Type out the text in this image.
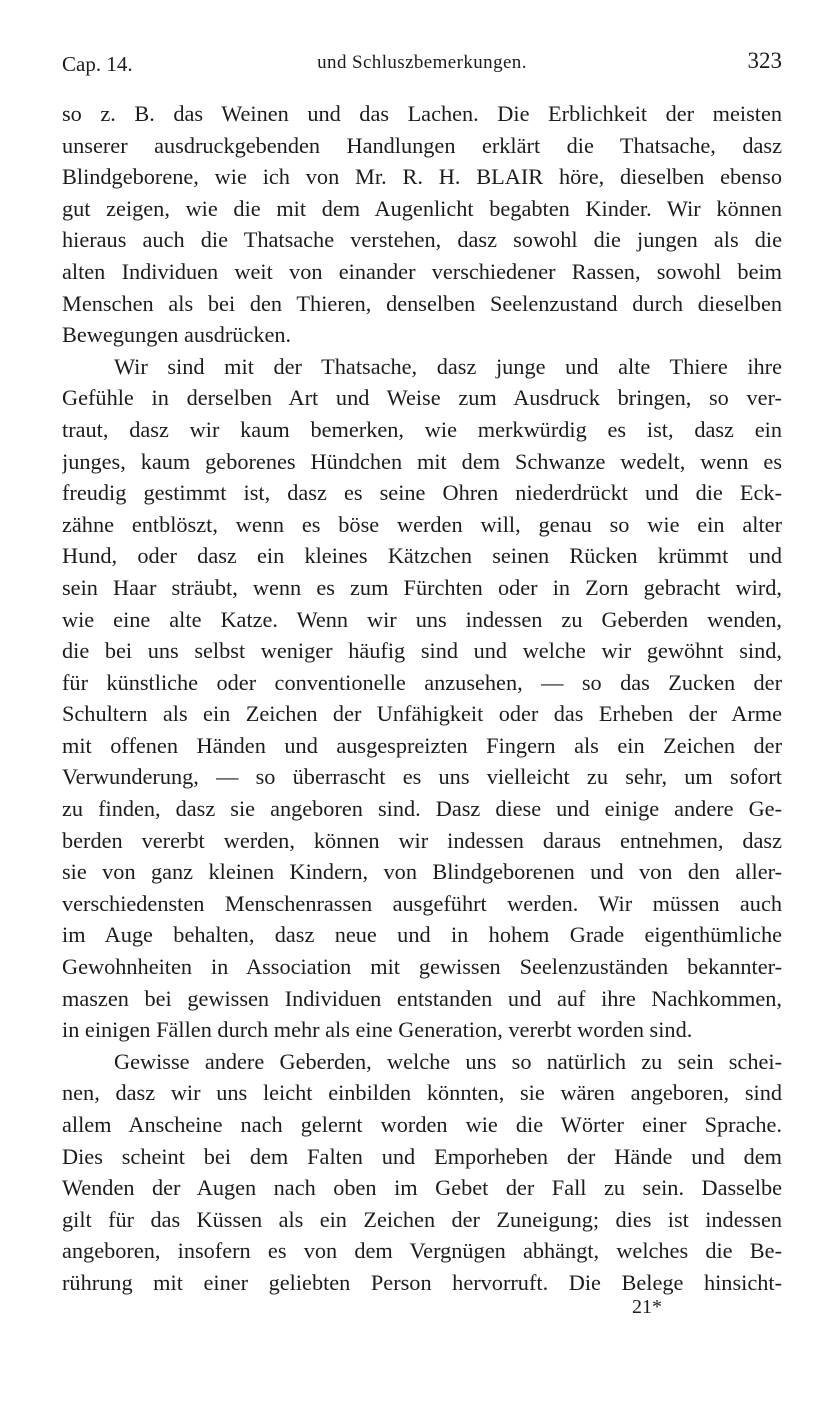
Cap. 14.	und Schluszbemerkungen.	323
so z. B. das Weinen und das Lachen. Die Erblichkeit der meisten
unserer ausdruckgebenden Handlungen erklärt die Thatsache, dasz
Blindgeborene, wie ich von Mr. R. H. BLAIR höre, dieselben ebenso
gut zeigen, wie die mit dem Augenlicht begabten Kinder. Wir können
hieraus auch die Thatsache verstehen, dasz sowohl die jungen als die
alten Individuen weit von einander verschiedener Rassen, sowohl beim
Menschen als bei den Thieren, denselben Seelenzustand durch dieselben
Bewegungen ausdrücken.
Wir sind mit der Thatsache, dasz junge und alte Thiere ihre
Gefühle in derselben Art und Weise zum Ausdruck bringen, so ver-
traut, dasz wir kaum bemerken, wie merkwürdig es ist, dasz ein
junges, kaum geborenes Hündchen mit dem Schwanze wedelt, wenn es
freudig gestimmt ist, dasz es seine Ohren niederdrückt und die Eck-
zähne entblöszt, wenn es böse werden will, genau so wie ein alter
Hund, oder dasz ein kleines Kätzchen seinen Rücken krümmt und
sein Haar sträubt, wenn es zum Fürchten oder in Zorn gebracht wird,
wie eine alte Katze. Wenn wir uns indessen zu Geberden wenden,
die bei uns selbst weniger häufig sind und welche wir gewöhnt sind,
für künstliche oder conventionelle anzusehen, — so das Zucken der
Schultern als ein Zeichen der Unfähigkeit oder das Erheben der Arme
mit offenen Händen und ausgespreizten Fingern als ein Zeichen der
Verwunderung, — so überrascht es uns vielleicht zu sehr, um sofort
zu finden, dasz sie angeboren sind. Dasz diese und einige andere Ge-
berden vererbt werden, können wir indessen daraus entnehmen, dasz
sie von ganz kleinen Kindern, von Blindgeborenen und von den aller-
verschiedensten Menschenrassen ausgeführt werden. Wir müssen auch
im Auge behalten, dasz neue und in hohem Grade eigenthümliche
Gewohnheiten in Association mit gewissen Seelenzuständen bekannter-
maszen bei gewissen Individuen entstanden und auf ihre Nachkommen,
in einigen Fällen durch mehr als eine Generation, vererbt worden sind.
Gewisse andere Geberden, welche uns so natürlich zu sein schei-
nen, dasz wir uns leicht einbilden könnten, sie wären angeboren, sind
allem Anscheine nach gelernt worden wie die Wörter einer Sprache.
Dies scheint bei dem Falten und Emporheben der Hände und dem
Wenden der Augen nach oben im Gebet der Fall zu sein. Dasselbe
gilt für das Küssen als ein Zeichen der Zuneigung; dies ist indessen
angeboren, insofern es von dem Vergnügen abhängt, welches die Be-
rührung mit einer geliebten Person hervorruft. Die Belege hinsicht-
21*
